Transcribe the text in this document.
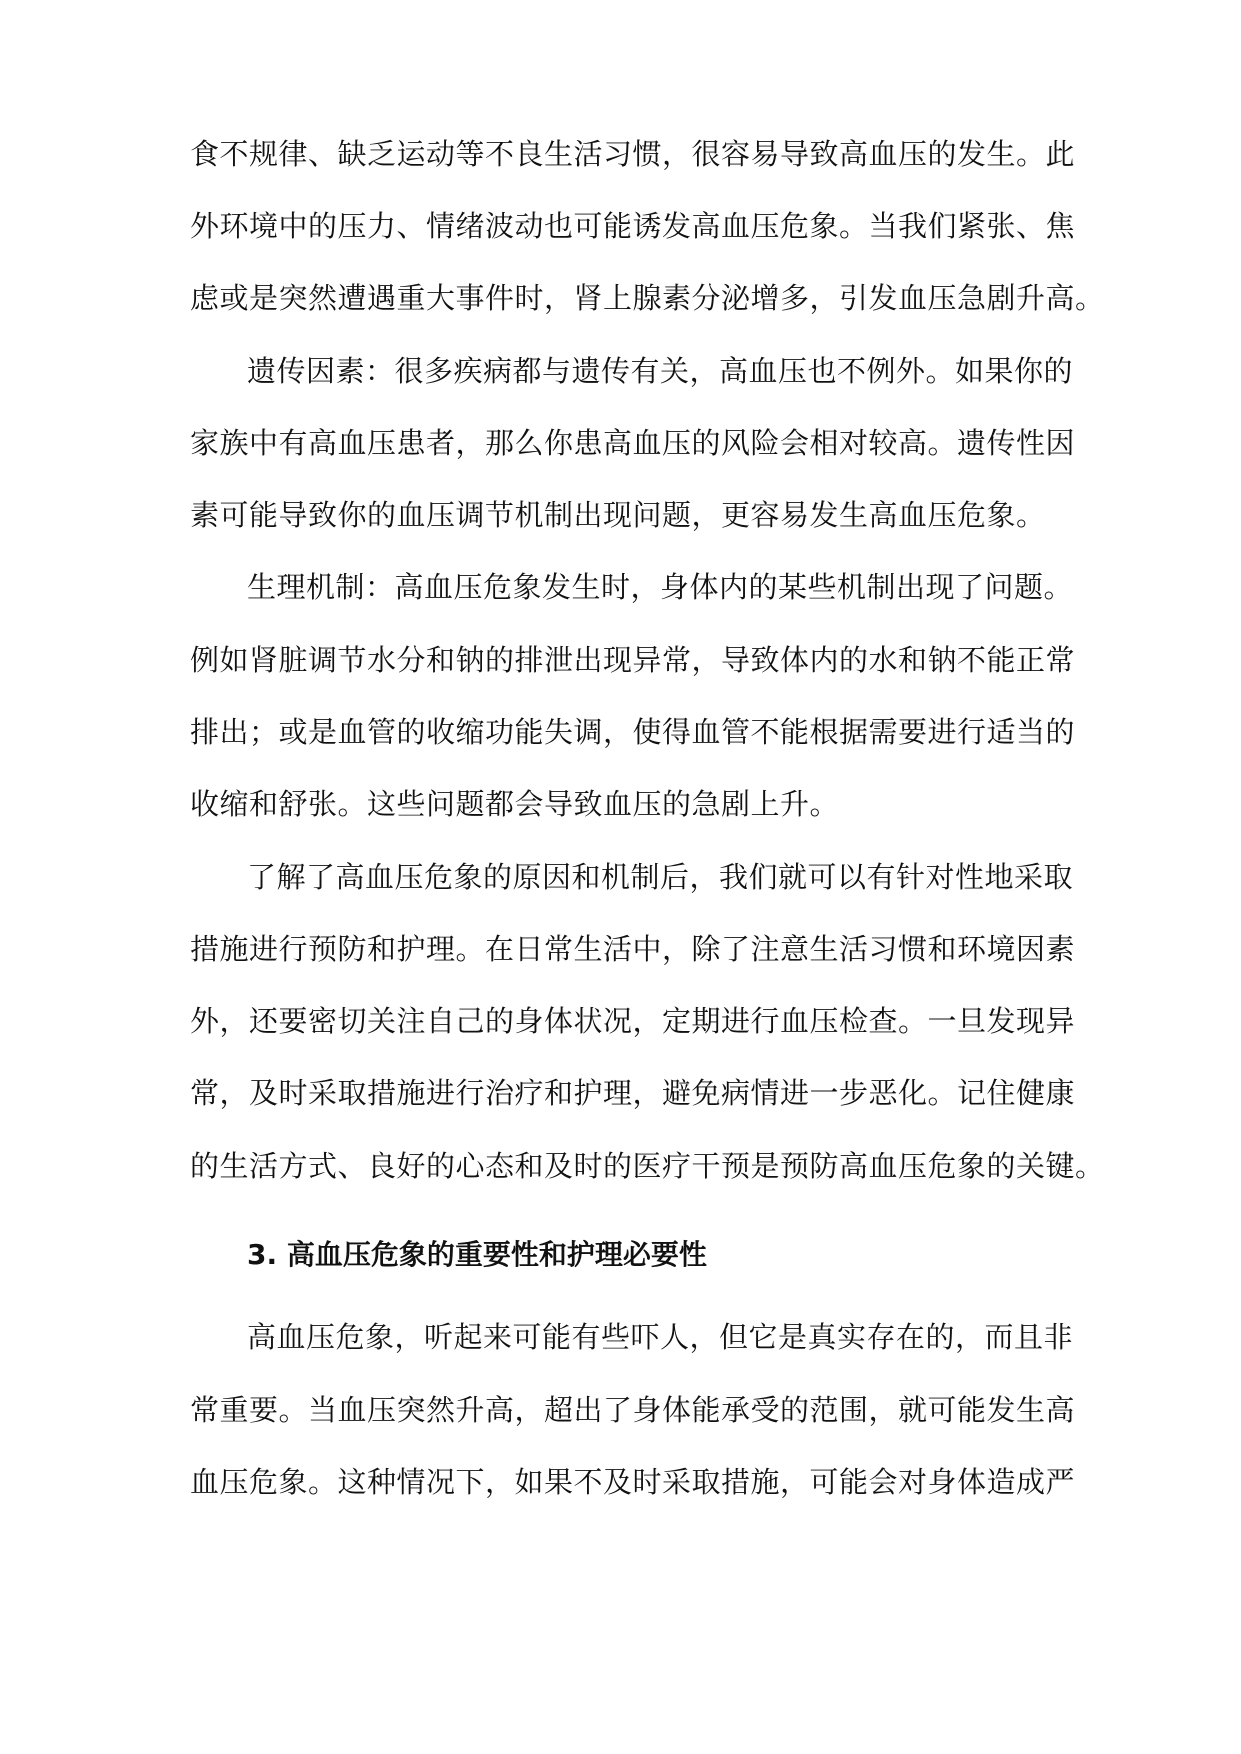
食不规律、缺乏运动等不良生活习惯，很容易导致高血压的发生。此
外环境中的压力、情绪波动也可能诱发高血压危象。当我们紧张、焦
虑或是突然遭遇重大事件时，肾上腺素分泌增多，引发血压急剧升高。
遗传因素：很多疾病都与遗传有关，高血压也不例外。如果你的
家族中有高血压患者，那么你患高血压的风险会相对较高。遗传性因
素可能导致你的血压调节机制出现问题，更容易发生高血压危象。
生理机制：高血压危象发生时，身体内的某些机制出现了问题。
例如肾脏调节水分和钠的排泄出现异常，导致体内的水和钠不能正常
排出；或是血管的收缩功能失调，使得血管不能根据需要进行适当的
收缩和舒张。这些问题都会导致血压的急剧上升。
了解了高血压危象的原因和机制后，我们就可以有针对性地采取
措施进行预防和护理。在日常生活中，除了注意生活习惯和环境因素
外，还要密切关注自己的身体状况，定期进行血压检查。一旦发现异
常，及时采取措施进行治疗和护理，避免病情进一步恶化。记住健康
的生活方式、良好的心态和及时的医疗干预是预防高血压危象的关键。
3. 高血压危象的重要性和护理必要性
高血压危象，听起来可能有些吓人，但它是真实存在的，而且非
常重要。当血压突然升高，超出了身体能承受的范围，就可能发生高
血压危象。这种情况下，如果不及时采取措施，可能会对身体造成严
